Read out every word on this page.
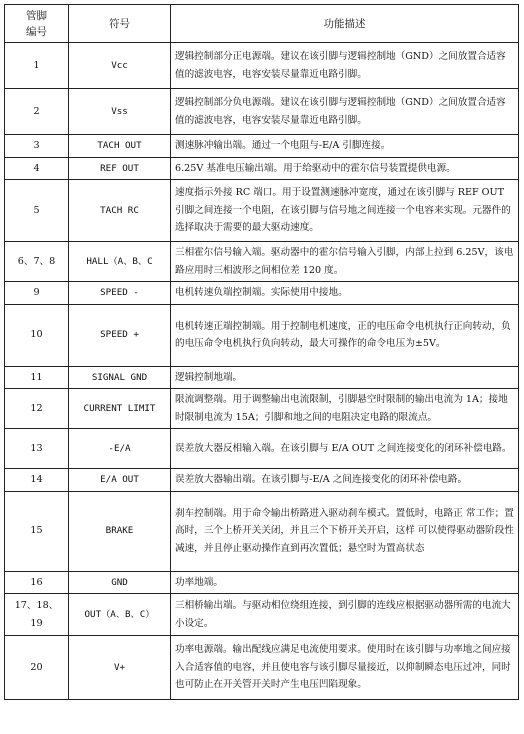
管脚
编号	符号	功能描述
1	Vcc	逻辑控制部分正电源端。建议在该引脚与逻辑控制地（GND）之间放置合适容值的滤波电容，电容安装尽量靠近电路引脚。
2	Vss	逻辑控制部分负电源端。建议在该引脚与逻辑控制地（GND）之间放置合适容值的滤波电容，电容安装尽量靠近电路引脚。
3	TACH OUT	测速脉冲输出端。通过一个电阻与-E/A 引脚连接。
4	REF OUT	6.25V 基准电压输出端。用于给驱动中的霍尔信号装置提供电源。
5	TACH RC	速度指示外接 RC 端口。用于设置测速脉冲宽度，通过在该引脚与 REF OUT 引脚之间连接一个电阻，在该引脚与信号地之间连接一个电容来实现。元器件的选择取决于需要的最大驱动速度。
6、7、8	HALL（A、B、C	三相霍尔信号输入端。驱动器中的霍尔信号输入引脚，内部上拉到 6.25V，该电路应用时三相波形之间相位差 120 度。
9	SPEED -	电机转速负端控制端。实际使用中接地。
10	SPEED +	电机转速正端控制端。用于控制电机速度，正的电压命令电机执行正向转动，负的电压命令电机执行负向转动，最大可操作的命令电压为±5V。
11	SIGNAL GND	逻辑控制地端。
12	CURRENT LIMIT	限流调整端。用于调整输出电流限制，引脚悬空时限制的输出电流为 1A；接地时限制电流为 15A；引脚和地之间的电阻决定电路的限流点。
13	-E/A	误差放大器反相输入端。在该引脚与 E/A OUT 之间连接变化的闭环补偿电路。
14	E/A OUT	误差放大器输出端。在该引脚与-E/A 之间连接变化的闭环补偿电路。
15	BRAKE	刹车控制端。用于命令输出桥路进入驱动刹车模式。置低时，电路正 常工作；置高时，三个上桥开关关闭，并且三个下桥开关开启，这样 可以使得驱动器阶段性减速，并且停止驱动操作直到再次置低；悬空时为置高状态
16	GND	功率地端。
17、18、19	OUT（A、B、C）	三相桥输出端。与驱动相位绕组连接，到引脚的连线应根据驱动器所需的电流大小设定。
20	V+	功率电源端。输出配线应满足电流使用要求。使用时在该引脚与功率地之间应接入合适容值的电容，并且使电容与该引脚尽量接近，以抑制瞬态电压过冲，同时也可防止在开关管开关时产生电压凹陷现象。
